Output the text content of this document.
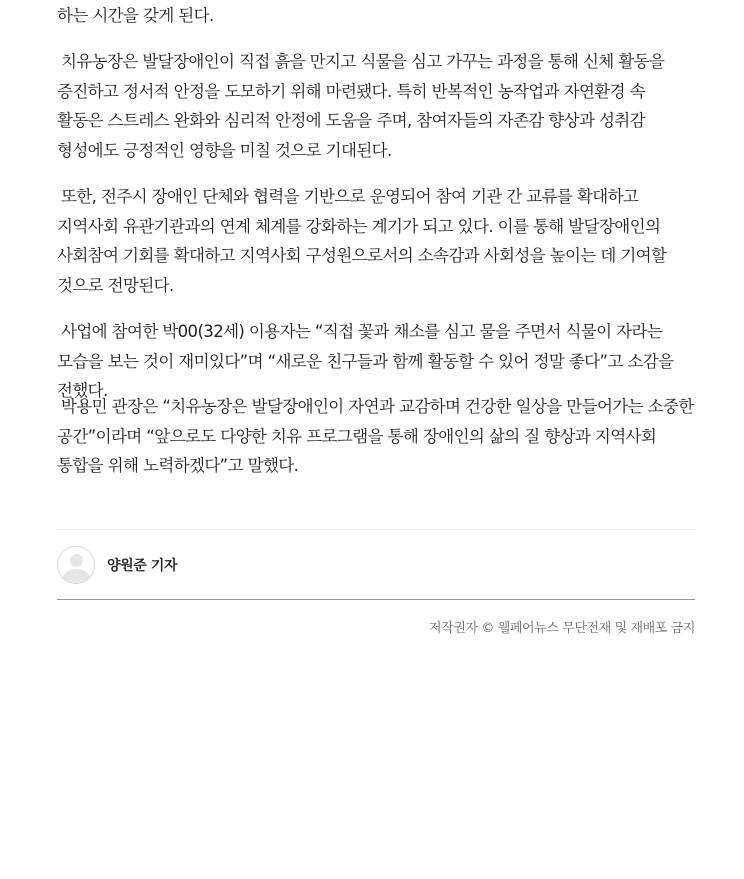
하는 시간을 갖게 된다.

치유농장은 발달장애인이 직접 흙을 만지고 식물을 심고 가꾸는 과정을 통해 신체 활동을 증진하고 정서적 안정을 도모하기 위해 마련됐다. 특히 반복적인 농작업과 자연환경 속 활동은 스트레스 완화와 심리적 안정에 도움을 주며, 참여자들의 자존감 향상과 성취감 형성에도 긍정적인 영향을 미칠 것으로 기대된다.

또한, 전주시 장애인 단체와 협력을 기반으로 운영되어 참여 기관 간 교류를 확대하고 지역사회 유관기관과의 연계 체계를 강화하는 계기가 되고 있다. 이를 통해 발달장애인의 사회참여 기회를 확대하고 지역사회 구성원으로서의 소속감과 사회성을 높이는 데 기여할 것으로 전망된다.

사업에 참여한 박00(32세) 이용자는 “직접 꽃과 채소를 심고 물을 주면서 식물이 자라는 모습을 보는 것이 재미있다”며 “새로운 친구들과 함께 활동할 수 있어 정말 좋다”고 소감을 전했다.

박용민 관장은 “치유농장은 발달장애인이 자연과 교감하며 건강한 일상을 만들어가는 소중한 공간”이라며 “앞으로도 다양한 치유 프로그램을 통해 장애인의 삶의 질 향상과 지역사회 통합을 위해 노력하겠다”고 말했다.

양원준 기자
저작권자 © 웰페어뉴스 무단전재 및 재배포 금지
